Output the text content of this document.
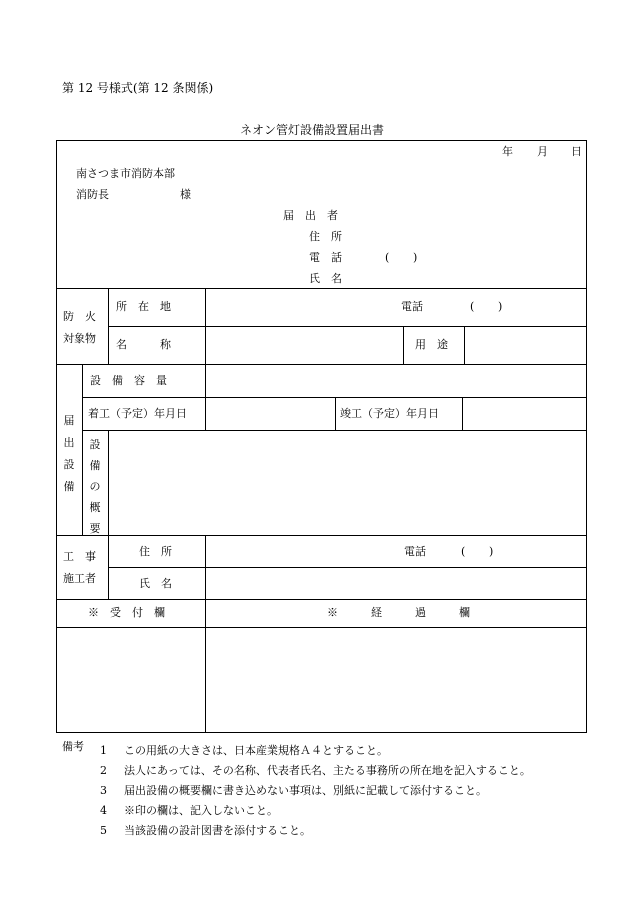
第 12 号様式(第 12 条関係)
ネオン管灯設備設置届出書
年 月 日
南さつま市消防本部
消防長	様
届　出　者
住　所
電　話	( )
氏　名
防　火
対象物
所　在　地	電話	( )
名　　　称	用　途
届
出
設
備
設　備　容　量
着工（予定）年月日	竣工（予定）年月日
設
備
の
概
要
工　事
施工者
住　所	電話	( )
氏　名
※　受　付　欄	※　　　経　　　過　　　欄
備考 1 この用紙の大きさは、日本産業規格Ａ４とすること。
2 法人にあっては、その名称、代表者氏名、主たる事務所の所在地を記入すること。
3 届出設備の概要欄に書き込めない事項は、別紙に記載して添付すること。
4 ※印の欄は、記入しないこと。
5 当該設備の設計図書を添付すること。
